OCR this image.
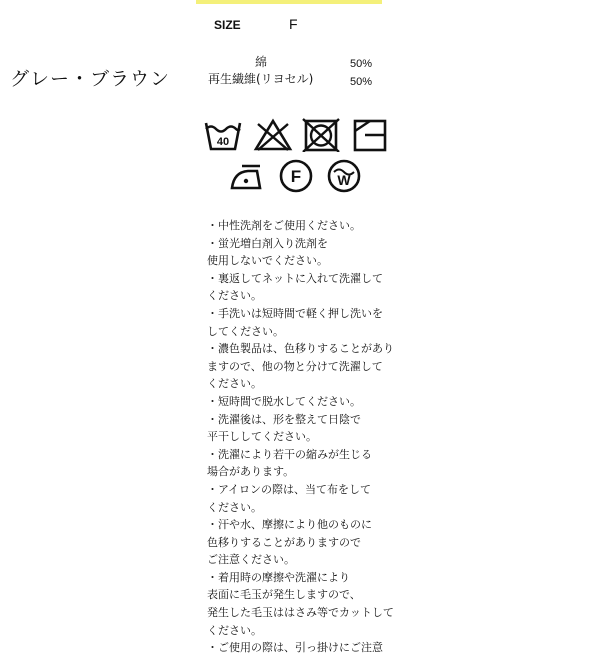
SIZE	F
グレー・ブラウン
綿	50%
再生繊維(リヨセル)	50%
40
F	W

・中性洗剤をご使用ください。

・蛍光増白剤入り洗剤を

使用しないでください。

・裏返してネットに入れて洗濯して

ください。

・手洗いは短時間で軽く押し洗いを

してください。

・濃色製品は、色移りすることがあり

ますので、他の物と分けて洗濯して

ください。

・短時間で脱水してください。

・洗濯後は、形を整えて日陰で

平干ししてください。

・洗濯により若干の縮みが生じる

場合があります。

・アイロンの際は、当て布をして

ください。

・汗や水、摩擦により他のものに

色移りすることがありますので

ご注意ください。

・着用時の摩擦や洗濯により

表面に毛玉が発生しますので、

発生した毛玉ははさみ等でカットして

ください。

・ご使用の際は、引っ掛けにご注意
